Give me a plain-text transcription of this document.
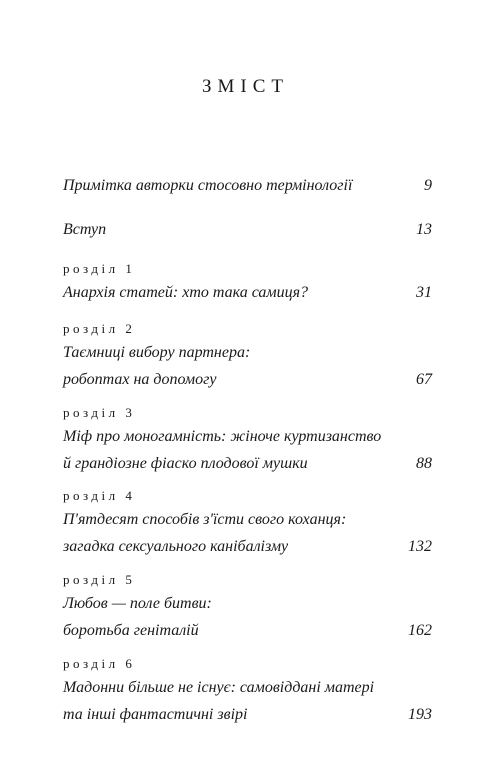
ЗМІСТ
Примітка авторки стосовно термінології	9
Вступ	13
розділ 1
Анархія статей: хто така самиця?	31
розділ 2
Таємниці вибору партнера:
робоптах на допомогу	67
розділ 3
Міф про моногамність: жіноче куртизанство
й грандіозне фіаско плодової мушки	88
розділ 4
П'ятдесят способів з'їсти свого коханця:
загадка сексуального канібалізму	132
розділ 5
Любов — поле битви:
боротьба геніталій	162
розділ 6
Мадонни більше не існує: самовіддані матері
та інші фантастичні звірі	193
